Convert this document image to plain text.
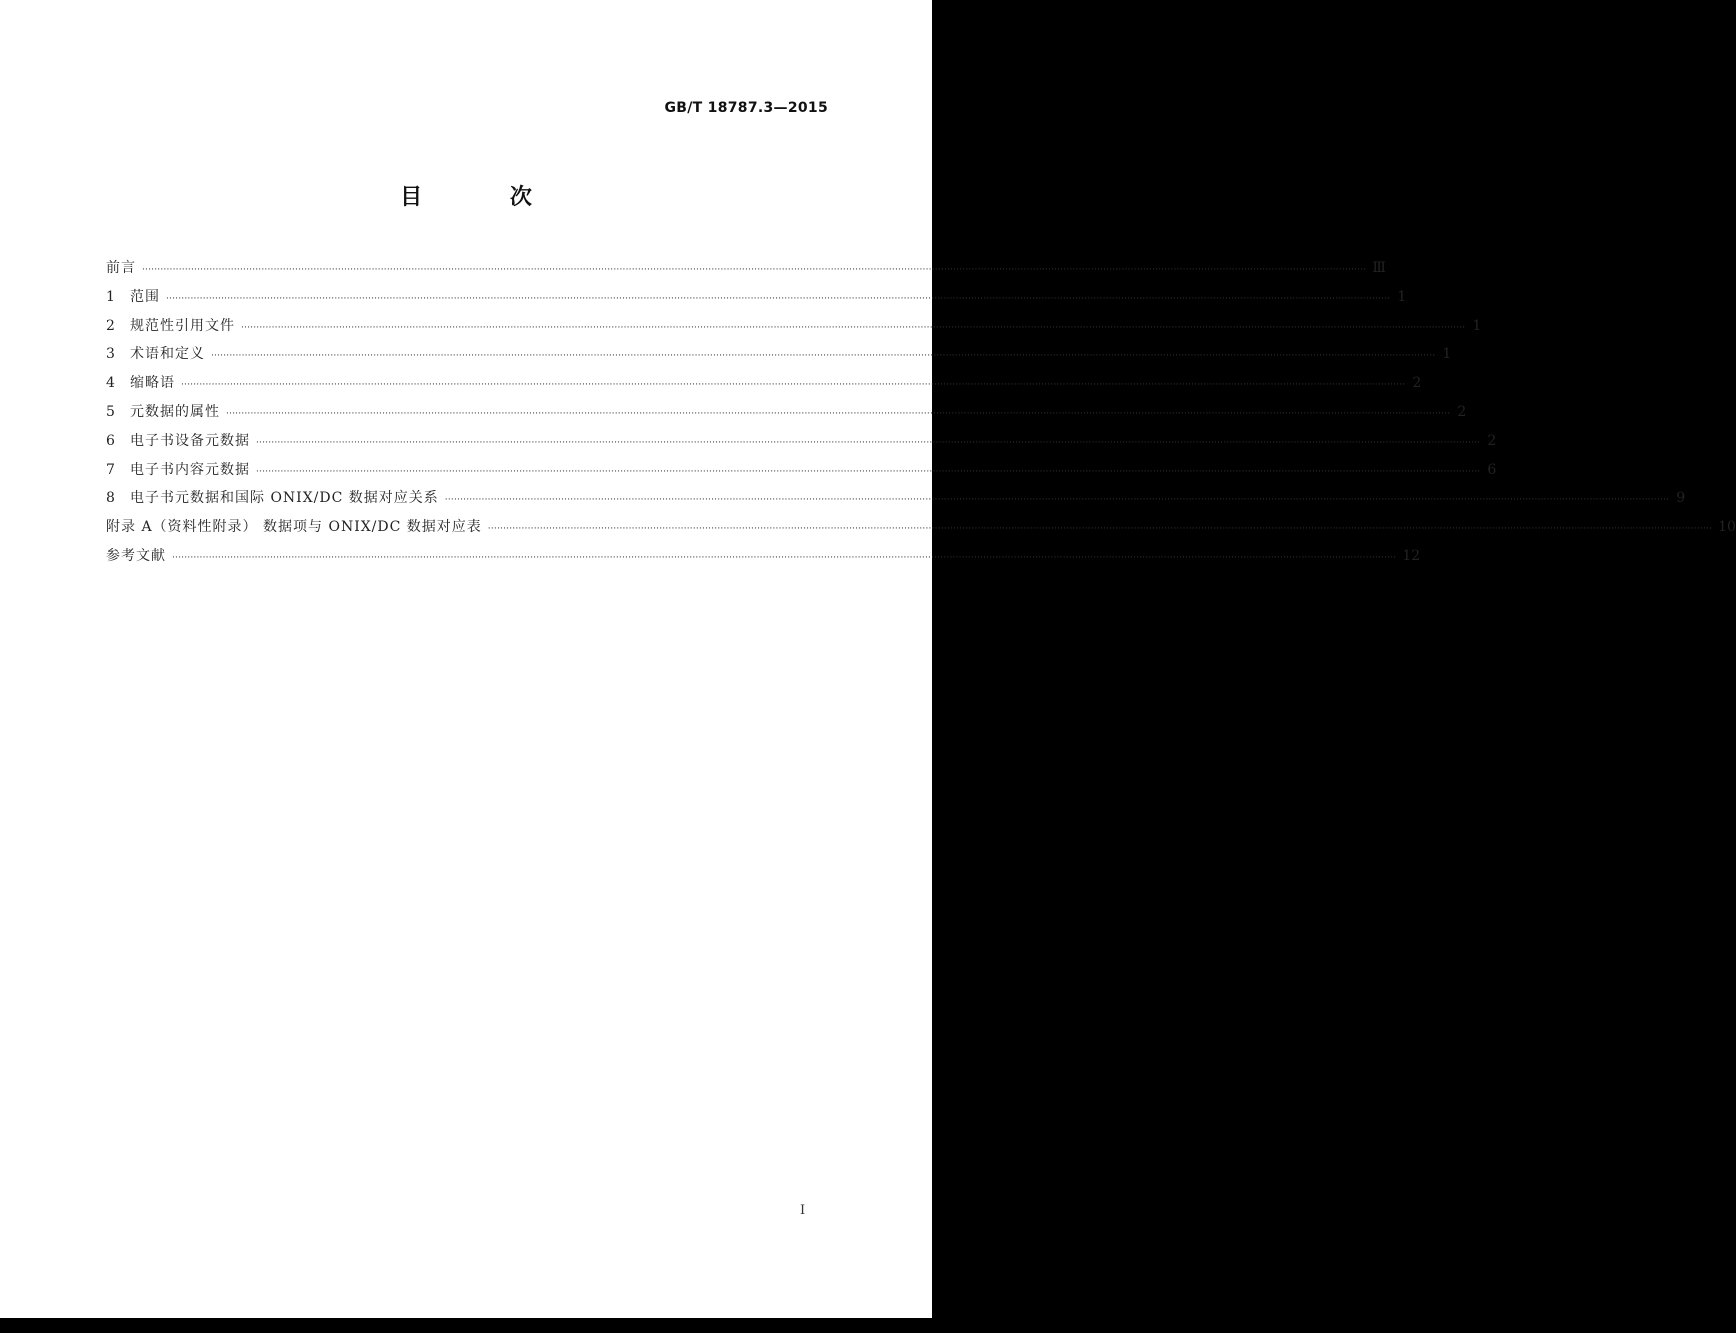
GB/T 18787.3—2015
目 次
前言 ················································································································································································································································································································································································································ Ⅲ
1	范围 ················································································································································································································································································································································································································ 1
2	规范性引用文件 ················································································································································································································································································································································································································ 1
3	术语和定义 ················································································································································································································································································································································································································ 1
4	缩略语 ················································································································································································································································································································································································································ 2
5	元数据的属性 ················································································································································································································································································································································································································ 2
6	电子书设备元数据 ················································································································································································································································································································································································································ 2
7	电子书内容元数据 ················································································································································································································································································································································································································ 6
8	电子书元数据和国际 ONIX/DC 数据对应关系 ················································································································································································································································································································································································································ 9
附录 A（资料性附录） 数据项与 ONIX/DC 数据对应表 ················································································································································································································································································································································································································ 10
参考文献 ················································································································································································································································································································································································································ 12
Ⅰ
